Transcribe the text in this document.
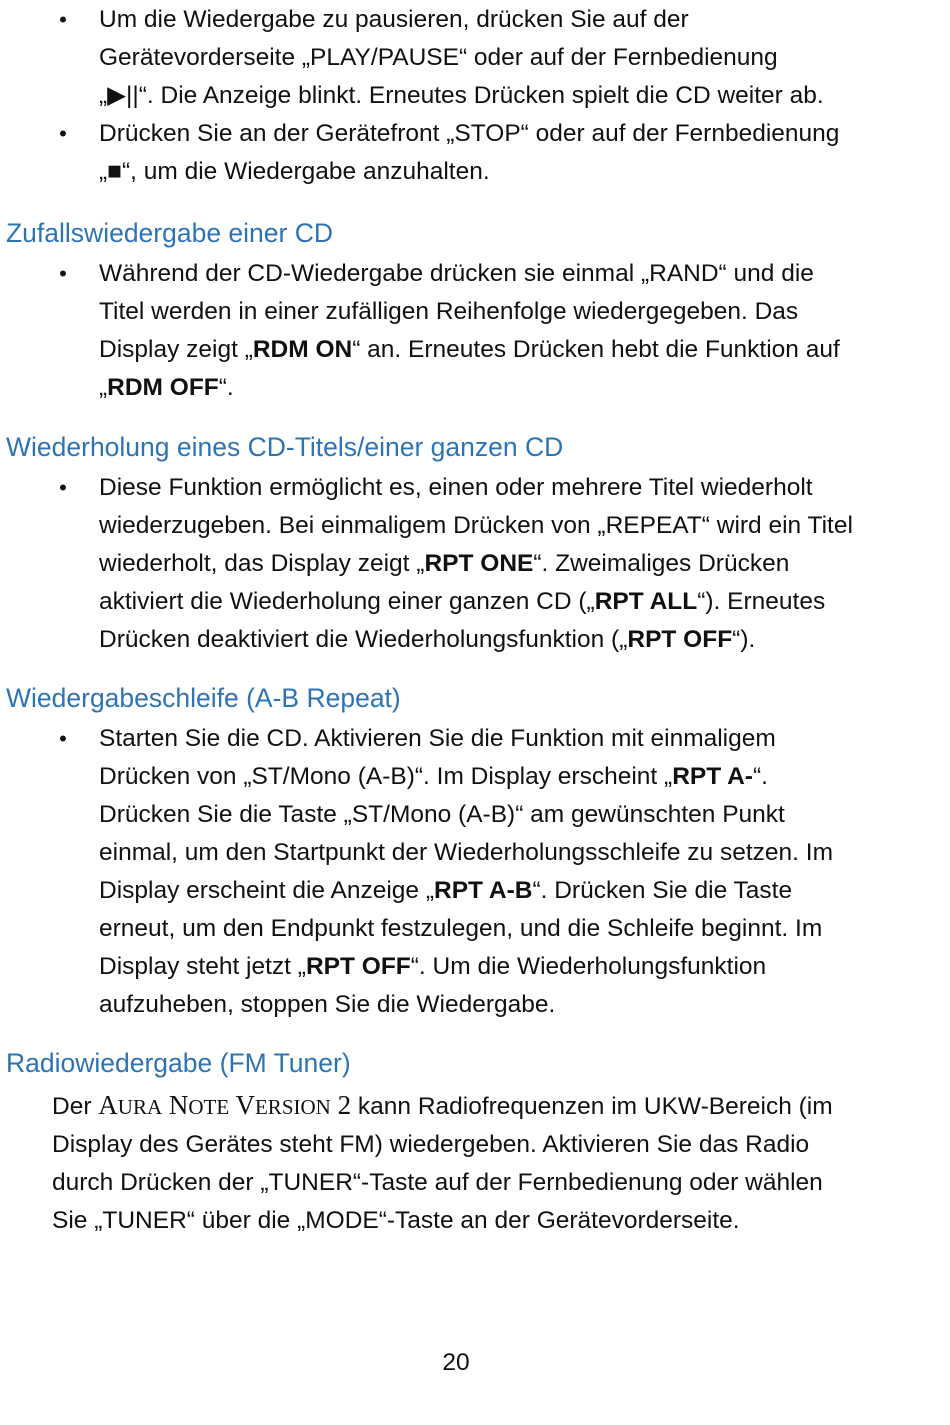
• Um die Wiedergabe zu pausieren, drücken Sie auf der
Gerätevorderseite „PLAY/PAUSE“ oder auf der Fernbedienung
„▶||“. Die Anzeige blinkt. Erneutes Drücken spielt die CD weiter ab.
• Drücken Sie an der Gerätefront „STOP“ oder auf der Fernbedienung
„■“, um die Wiedergabe anzuhalten.
Zufallswiedergabe einer CD
• Während der CD-Wiedergabe drücken sie einmal „RAND“ und die
Titel werden in einer zufälligen Reihenfolge wiedergegeben. Das
Display zeigt „RDM ON“ an. Erneutes Drücken hebt die Funktion auf
„RDM OFF“.
Wiederholung eines CD-Titels/einer ganzen CD
• Diese Funktion ermöglicht es, einen oder mehrere Titel wiederholt
wiederzugeben. Bei einmaligem Drücken von „REPEAT“ wird ein Titel
wiederholt, das Display zeigt „RPT ONE“. Zweimaliges Drücken
aktiviert die Wiederholung einer ganzen CD („RPT ALL“). Erneutes
Drücken deaktiviert die Wiederholungsfunktion („RPT OFF“).
Wiedergabeschleife (A-B Repeat)
• Starten Sie die CD. Aktivieren Sie die Funktion mit einmaligem
Drücken von „ST/Mono (A-B)“. Im Display erscheint „RPT A-“.
Drücken Sie die Taste „ST/Mono (A-B)“ am gewünschten Punkt
einmal, um den Startpunkt der Wiederholungsschleife zu setzen. Im
Display erscheint die Anzeige „RPT A-B“. Drücken Sie die Taste
erneut, um den Endpunkt festzulegen, und die Schleife beginnt. Im
Display steht jetzt „RPT OFF“. Um die Wiederholungsfunktion
aufzuheben, stoppen Sie die Wiedergabe.
Radiowiedergabe (FM Tuner)

Der AURA NOTE VERSION 2 kann Radiofrequenzen im UKW-Bereich (im
Display des Gerätes steht FM) wiedergeben. Aktivieren Sie das Radio
durch Drücken der „TUNER“-Taste auf der Fernbedienung oder wählen
Sie „TUNER“ über die „MODE“-Taste an der Gerätevorderseite.

20
